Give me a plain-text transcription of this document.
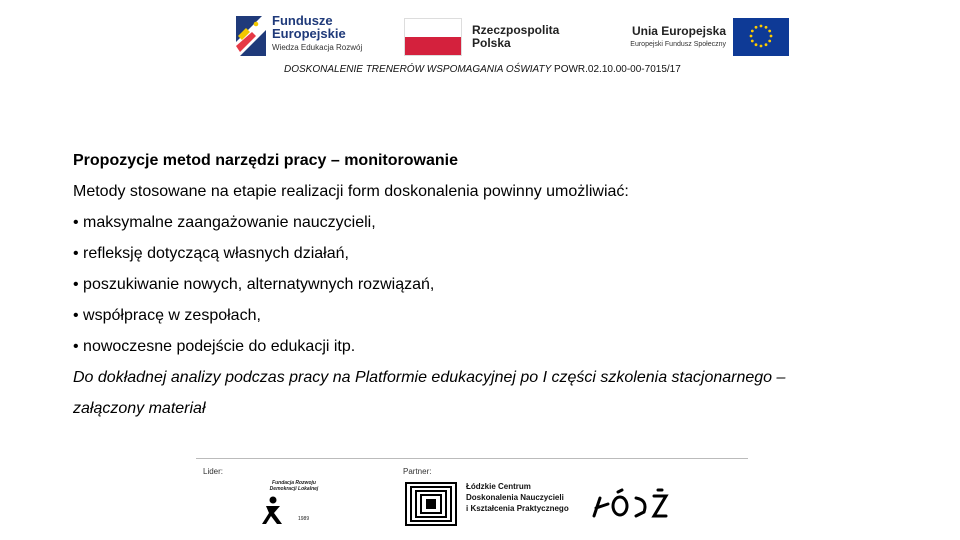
Fundusze
Europejskie
Wiedza Edukacja Rozwój
Rzeczpospolita
Polska
Unia Europejska
Europejski Fundusz Społeczny
DOSKONALENIE TRENERÓW WSPOMAGANIA OŚWIATY POWR.02.10.00-00-7015/17

Propozycje metod narzędzi pracy – monitorowanie

Metody stosowane na etapie realizacji form doskonalenia powinny umożliwiać:

• maksymalne zaangażowanie nauczycieli,

• refleksję dotyczącą własnych działań,

• poszukiwanie nowych, alternatywnych rozwiązań,

• współpracę w zespołach,

• nowoczesne podejście do edukacji itp.

Do dokładnej analizy podczas pracy na Platformie edukacyjnej po I części szkolenia stacjonarnego –

załączony materiał

Lider:	Partner:
Fundacja Rozwoju Demokracji Lokalnej
1989
Łódzkie Centrum
Doskonalenia Nauczycieli
i Kształcenia Praktycznego
